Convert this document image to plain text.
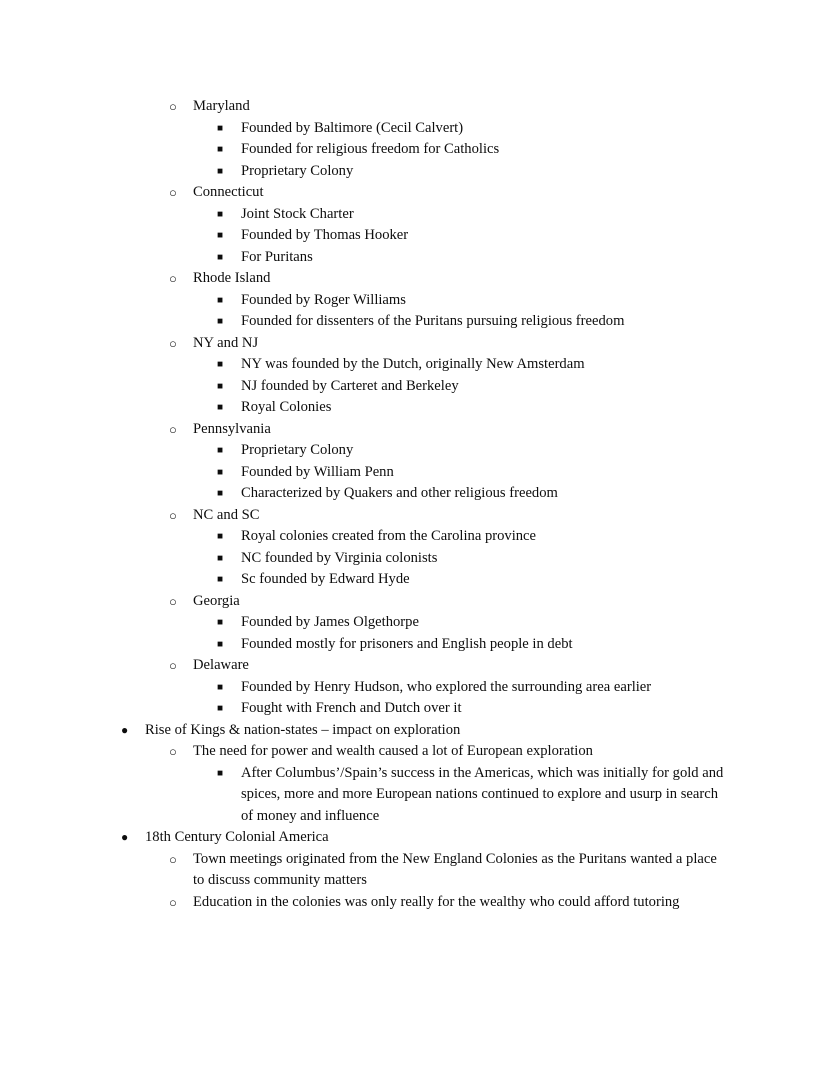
○ Maryland
■ Founded by Baltimore (Cecil Calvert)
■ Founded for religious freedom for Catholics
■ Proprietary Colony
○ Connecticut
■ Joint Stock Charter
■ Founded by Thomas Hooker
■ For Puritans
○ Rhode Island
■ Founded by Roger Williams
■ Founded for dissenters of the Puritans pursuing religious freedom
○ NY and NJ
■ NY was founded by the Dutch, originally New Amsterdam
■ NJ founded by Carteret and Berkeley
■ Royal Colonies
○ Pennsylvania
■ Proprietary Colony
■ Founded by William Penn
■ Characterized by Quakers and other religious freedom
○ NC and SC
■ Royal colonies created from the Carolina province
■ NC founded by Virginia colonists
■ Sc founded by Edward Hyde
○ Georgia
■ Founded by James Olgethorpe
■ Founded mostly for prisoners and English people in debt
○ Delaware
■ Founded by Henry Hudson, who explored the surrounding area earlier
■ Fought with French and Dutch over it
● Rise of Kings & nation-states – impact on exploration
○ The need for power and wealth caused a lot of European exploration
■ After Columbus’/Spain’s success in the Americas, which was initially for gold and spices, more and more European nations continued to explore and usurp in search of money and influence
● 18th Century Colonial America
○ Town meetings originated from the New England Colonies as the Puritans wanted a place to discuss community matters
○ Education in the colonies was only really for the wealthy who could afford tutoring
